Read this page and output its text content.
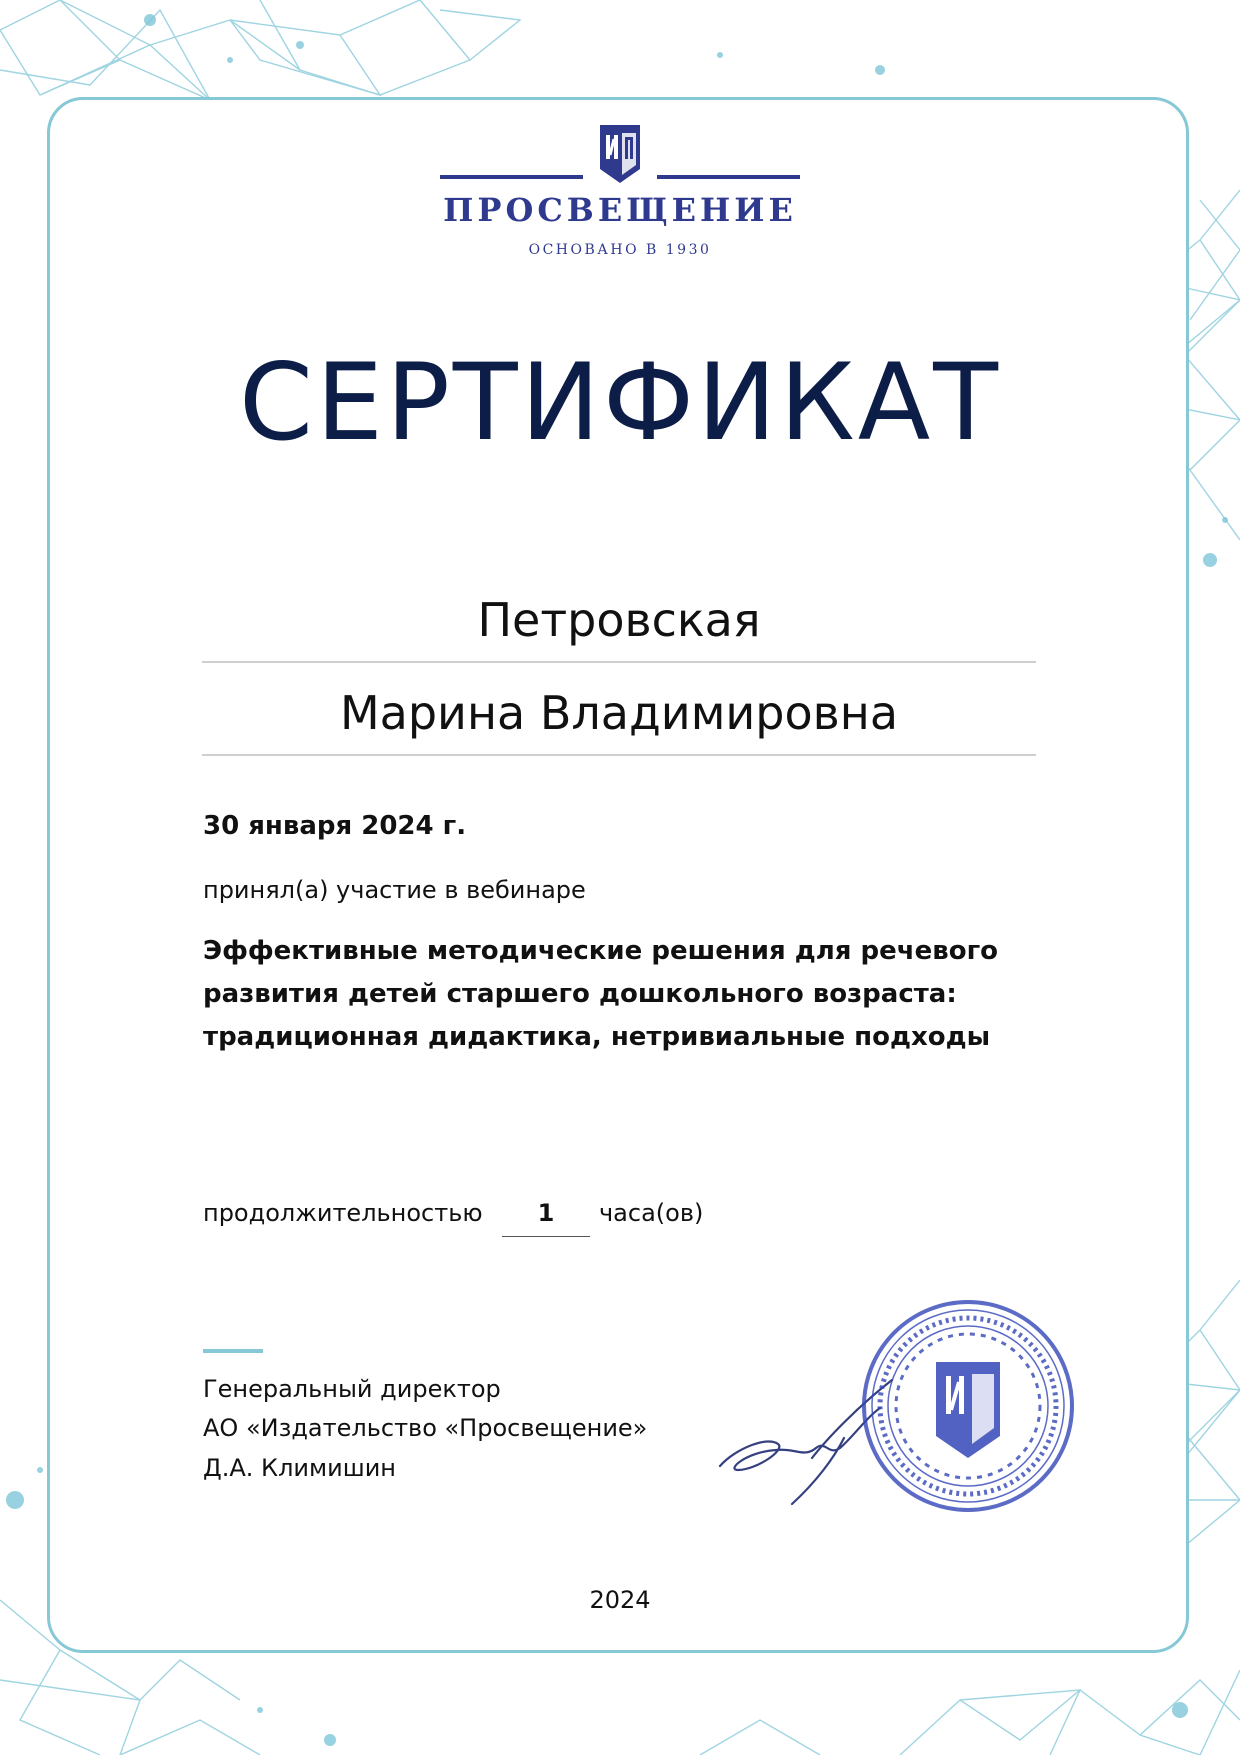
ПРОСВЕЩЕНИЕ
ОСНОВАНО В 1930
СЕРТИФИКАТ
Петровская
Марина Владимировна
30 января 2024 г.
принял(а) участие в вебинаре
Эффективные методические решения для речевого развития детей старшего дошкольного возраста: традиционная дидактика, нетривиальные подходы
продолжительностью	1	часа(ов)
Генеральный директор
АО «Издательство «Просвещение»
Д.А. Климишин
2024
